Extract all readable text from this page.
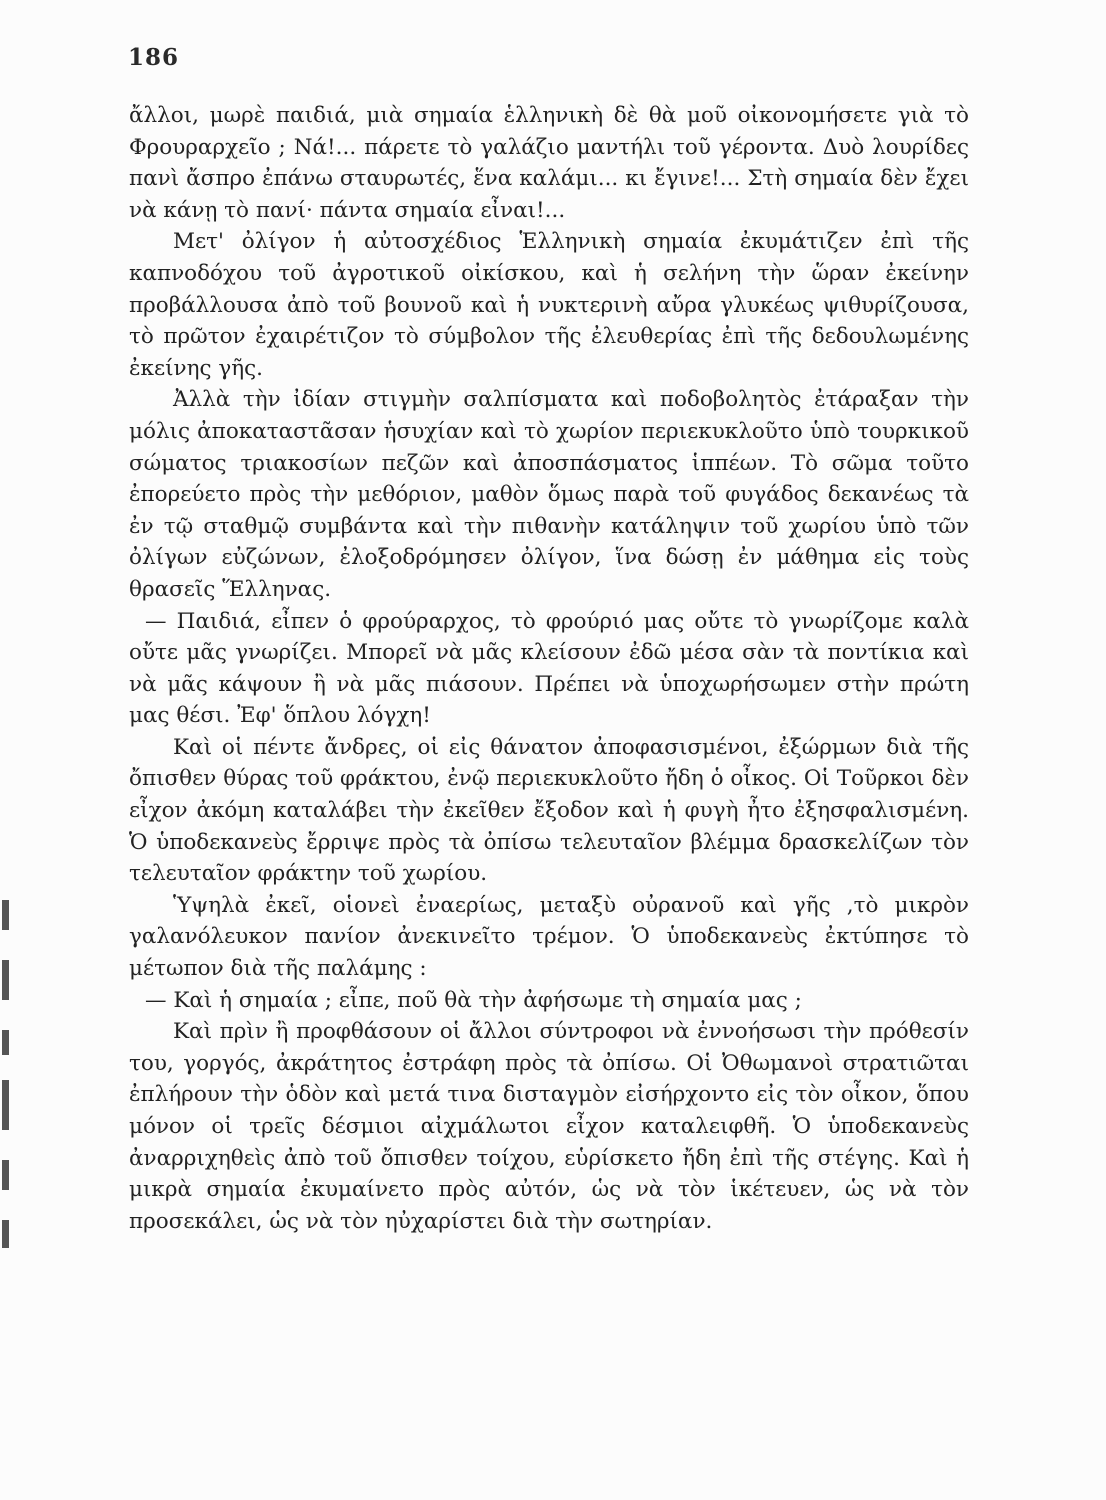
186

ἄλλοι, μωρὲ παιδιά, μιὰ σημαία ἑλληνικὴ δὲ θὰ μοῦ οἰκονομήσετε γιὰ τὸ Φρουραρχεῖο ; Νά!... πάρετε τὸ γαλάζιο μαντήλι τοῦ γέροντα. Δυὸ λουρίδες πανὶ ἄσπρο ἐπάνω σταυρωτές, ἕνα καλάμι... κι ἔγινε!... Στὴ σημαία δὲν ἔχει νὰ κάνῃ τὸ πανί· πάντα σημαία εἶναι!...

Μετ' ὀλίγον ἡ αὐτοσχέδιος Ἑλληνικὴ σημαία ἐκυμάτιζεν ἐπὶ τῆς καπνοδόχου τοῦ ἀγροτικοῦ οἰκίσκου, καὶ ἡ σελήνη τὴν ὥραν ἐκείνην προβάλλουσα ἀπὸ τοῦ βουνοῦ καὶ ἡ νυκτερινὴ αὔρα γλυκέως ψιθυρίζουσα, τὸ πρῶτον ἐχαιρέτιζον τὸ σύμβολον τῆς ἐλευθερίας ἐπὶ τῆς δεδουλωμένης ἐκείνης γῆς.

Ἀλλὰ τὴν ἰδίαν στιγμὴν σαλπίσματα καὶ ποδοβολητὸς ἐτάραξαν τὴν μόλις ἀποκαταστᾶσαν ἡσυχίαν καὶ τὸ χωρίον περιεκυκλοῦτο ὑπὸ τουρκικοῦ σώματος τριακοσίων πεζῶν καὶ ἀποσπάσματος ἱππέων. Τὸ σῶμα τοῦτο ἐπορεύετο πρὸς τὴν μεθόριον, μαθὸν ὅμως παρὰ τοῦ φυγάδος δεκανέως τὰ ἐν τῷ σταθμῷ συμβάντα καὶ τὴν πιθανὴν κατάληψιν τοῦ χωρίου ὑπὸ τῶν ὀλίγων εὐζώνων, ἐλοξοδρόμησεν ὀλίγον, ἵνα δώσῃ ἐν μάθημα εἰς τοὺς θρασεῖς Ἕλληνας.

— Παιδιά, εἶπεν ὁ φρούραρχος, τὸ φρούριό μας οὔτε τὸ γνωρίζομε καλὰ οὔτε μᾶς γνωρίζει. Μπορεῖ νὰ μᾶς κλείσουν ἐδῶ μέσα σὰν τὰ ποντίκια καὶ νὰ μᾶς κάψουν ἢ νὰ μᾶς πιάσουν. Πρέπει νὰ ὑποχωρήσωμεν στὴν πρώτη μας θέσι. Ἐφ' ὅπλου λόγχη!

Καὶ οἱ πέντε ἄνδρες, οἱ εἰς θάνατον ἀποφασισμένοι, ἐξώρμων διὰ τῆς ὄπισθεν θύρας τοῦ φράκτου, ἐνῷ περιεκυκλοῦτο ἤδη ὁ οἶκος. Οἱ Τοῦρκοι δὲν εἶχον ἀκόμη καταλάβει τὴν ἐκεῖθεν ἔξοδον καὶ ἡ φυγὴ ἦτο ἐξησφαλισμένη. Ὁ ὑποδεκανεὺς ἔρριψε πρὸς τὰ ὀπίσω τελευταῖον βλέμμα δρασκελίζων τὸν τελευταῖον φράκτην τοῦ χωρίου.

Ὑψηλὰ ἐκεῖ, οἱονεὶ ἐναερίως, μεταξὺ οὐρανοῦ καὶ γῆς ,τὸ μικρὸν γαλανόλευκον πανίον ἀνεκινεῖτο τρέμον. Ὁ ὑποδεκανεὺς ἐκτύπησε τὸ μέτωπον διὰ τῆς παλάμης :

— Καὶ ἡ σημαία ; εἶπε, ποῦ θὰ τὴν ἀφήσωμε τὴ σημαία μας ;

Καὶ πρὶν ἢ προφθάσουν οἱ ἄλλοι σύντροφοι νὰ ἐννοήσωσι τὴν πρόθεσίν του, γοργός, ἀκράτητος ἐστράφη πρὸς τὰ ὀπίσω. Οἱ Ὀθωμανοὶ στρατιῶται ἐπλήρουν τὴν ὁδὸν καὶ μετά τινα δισταγμὸν εἰσήρχοντο εἰς τὸν οἶκον, ὅπου μόνον οἱ τρεῖς δέσμιοι αἰχμάλωτοι εἶχον καταλειφθῆ. Ὁ ὑποδεκανεὺς ἀναρριχηθεὶς ἀπὸ τοῦ ὄπισθεν τοίχου, εὑρίσκετο ἤδη ἐπὶ τῆς στέγης. Καὶ ἡ μικρὰ σημαία ἐκυμαίνετο πρὸς αὐτόν, ὡς νὰ τὸν ἱκέτευεν, ὡς νὰ τὸν προσεκάλει, ὡς νὰ τὸν ηὐχαρίστει διὰ τὴν σωτηρίαν.
